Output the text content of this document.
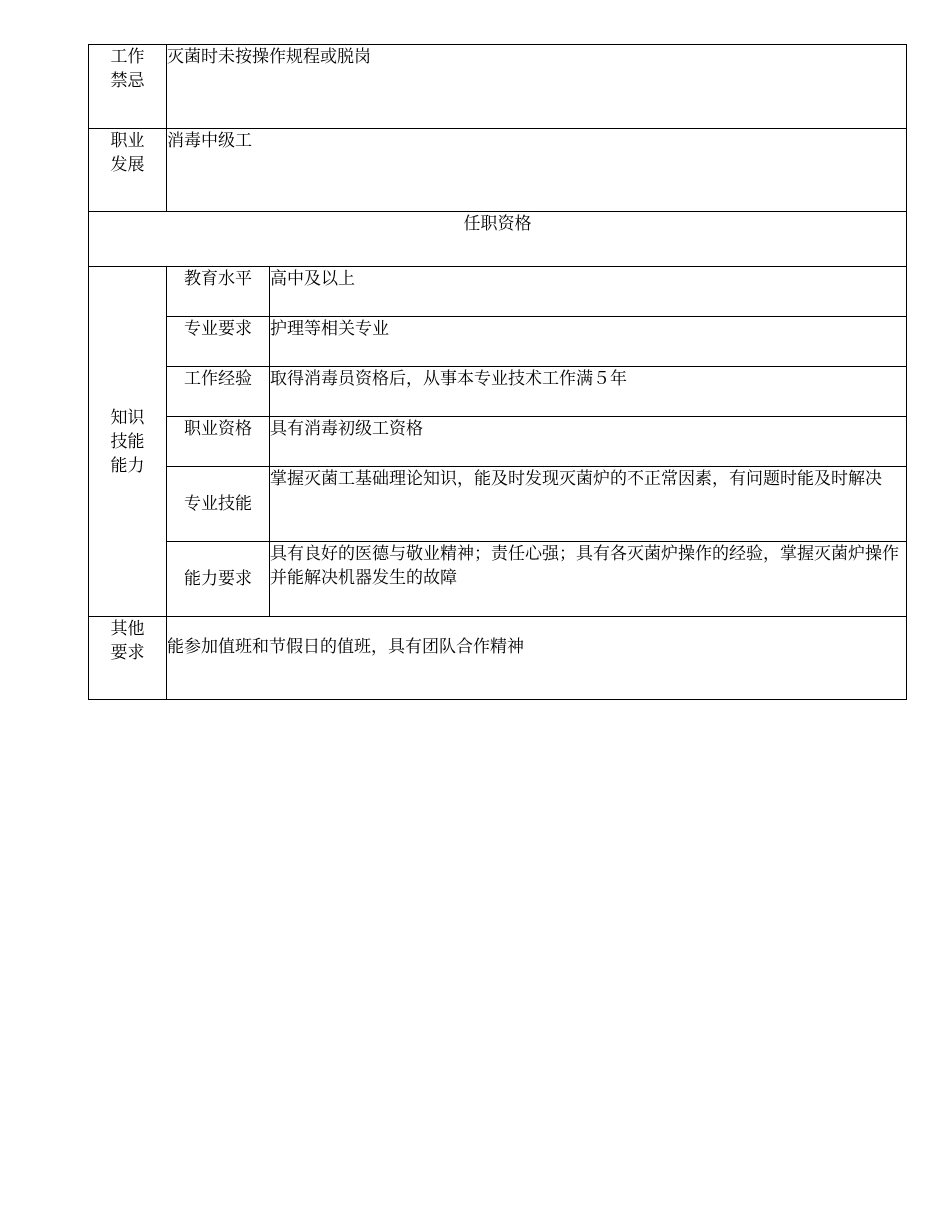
工作
禁忌	灭菌时未按操作规程或脱岗	

职业
发展	消毒中级工	
任职资格		

知识
技能
能力	教育水平	高中及以上
	专业要求	护理等相关专业
	工作经验	取得消毒员资格后，从事本专业技术工作满５年
	职业资格	具有消毒初级工资格
	专业技能	掌握灭菌工基础理论知识，能及时发现灭菌炉的不正常因素，有问题时能及时解决
	能力要求	具有良好的医德与敬业精神；责任心强；具有各灭菌炉操作的经验，掌握灭菌炉操作并能解决机器发生的故障

其他
要求	能参加值班和节假日的值班，具有团队合作精神	
